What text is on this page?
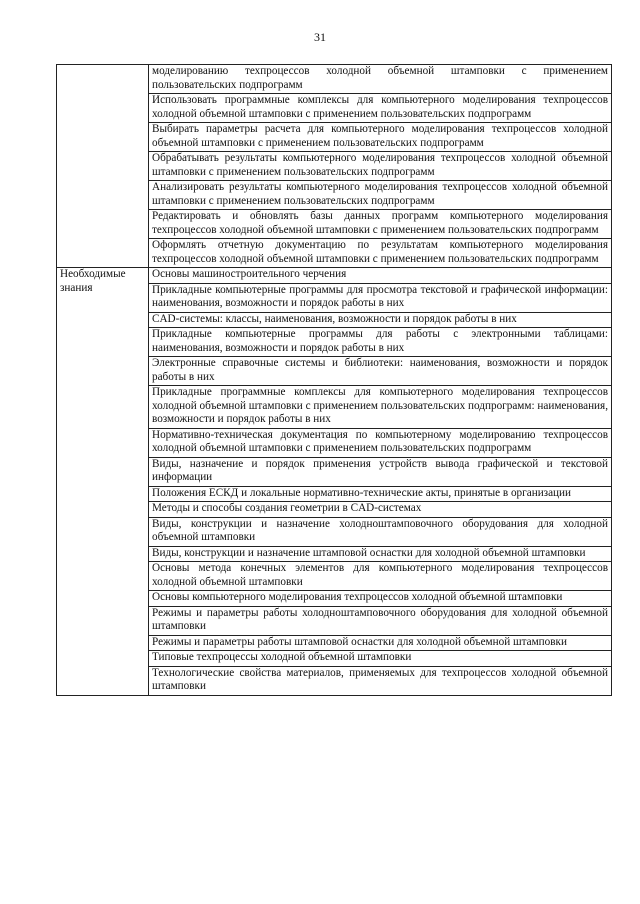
31
	моделированию техпроцессов холодной объемной штамповки с применением пользовательских подпрограмм
	Использовать программные комплексы для компьютерного моделирования техпроцессов холодной объемной штамповки с применением пользовательских подпрограмм
	Выбирать параметры расчета для компьютерного моделирования техпроцессов холодной объемной штамповки с применением пользовательских подпрограмм
	Обрабатывать результаты компьютерного моделирования техпроцессов холодной объемной штамповки с применением пользовательских подпрограмм
	Анализировать результаты компьютерного моделирования техпроцессов холодной объемной штамповки с применением пользовательских подпрограмм
	Редактировать и обновлять базы данных программ компьютерного моделирования техпроцессов холодной объемной штамповки с применением пользовательских подпрограмм
	Оформлять отчетную документацию по результатам компьютерного моделирования техпроцессов холодной объемной штамповки с применением пользовательских подпрограмм
Необходимые знания	Основы машиностроительного черчения
	Прикладные компьютерные программы для просмотра текстовой и графической информации: наименования, возможности и порядок работы в них
	CAD-системы: классы, наименования, возможности и порядок работы в них
	Прикладные компьютерные программы для работы с электронными таблицами: наименования, возможности и порядок работы в них
	Электронные справочные системы и библиотеки: наименования, возможности и порядок работы в них
	Прикладные программные комплексы для компьютерного моделирования техпроцессов холодной объемной штамповки с применением пользовательских подпрограмм: наименования, возможности и порядок работы в них
	Нормативно-техническая документация по компьютерному моделированию техпроцессов холодной объемной штамповки с применением пользовательских подпрограмм
	Виды, назначение и порядок применения устройств вывода графической и текстовой информации
	Положения ЕСКД и локальные нормативно-технические акты, принятые в организации
	Методы и способы создания геометрии в CAD-системах
	Виды, конструкции и назначение холодноштамповочного оборудования для холодной объемной штамповки
	Виды, конструкции и назначение штамповой оснастки для холодной объемной штамповки
	Основы метода конечных элементов для компьютерного моделирования техпроцессов холодной объемной штамповки
	Основы компьютерного моделирования техпроцессов холодной объемной штамповки
	Режимы и параметры работы холодноштамповочного оборудования для холодной объемной штамповки
	Режимы и параметры работы штамповой оснастки для холодной объемной штамповки
	Типовые техпроцессы холодной объемной штамповки
	Технологические свойства материалов, применяемых для техпроцессов холодной объемной штамповки
